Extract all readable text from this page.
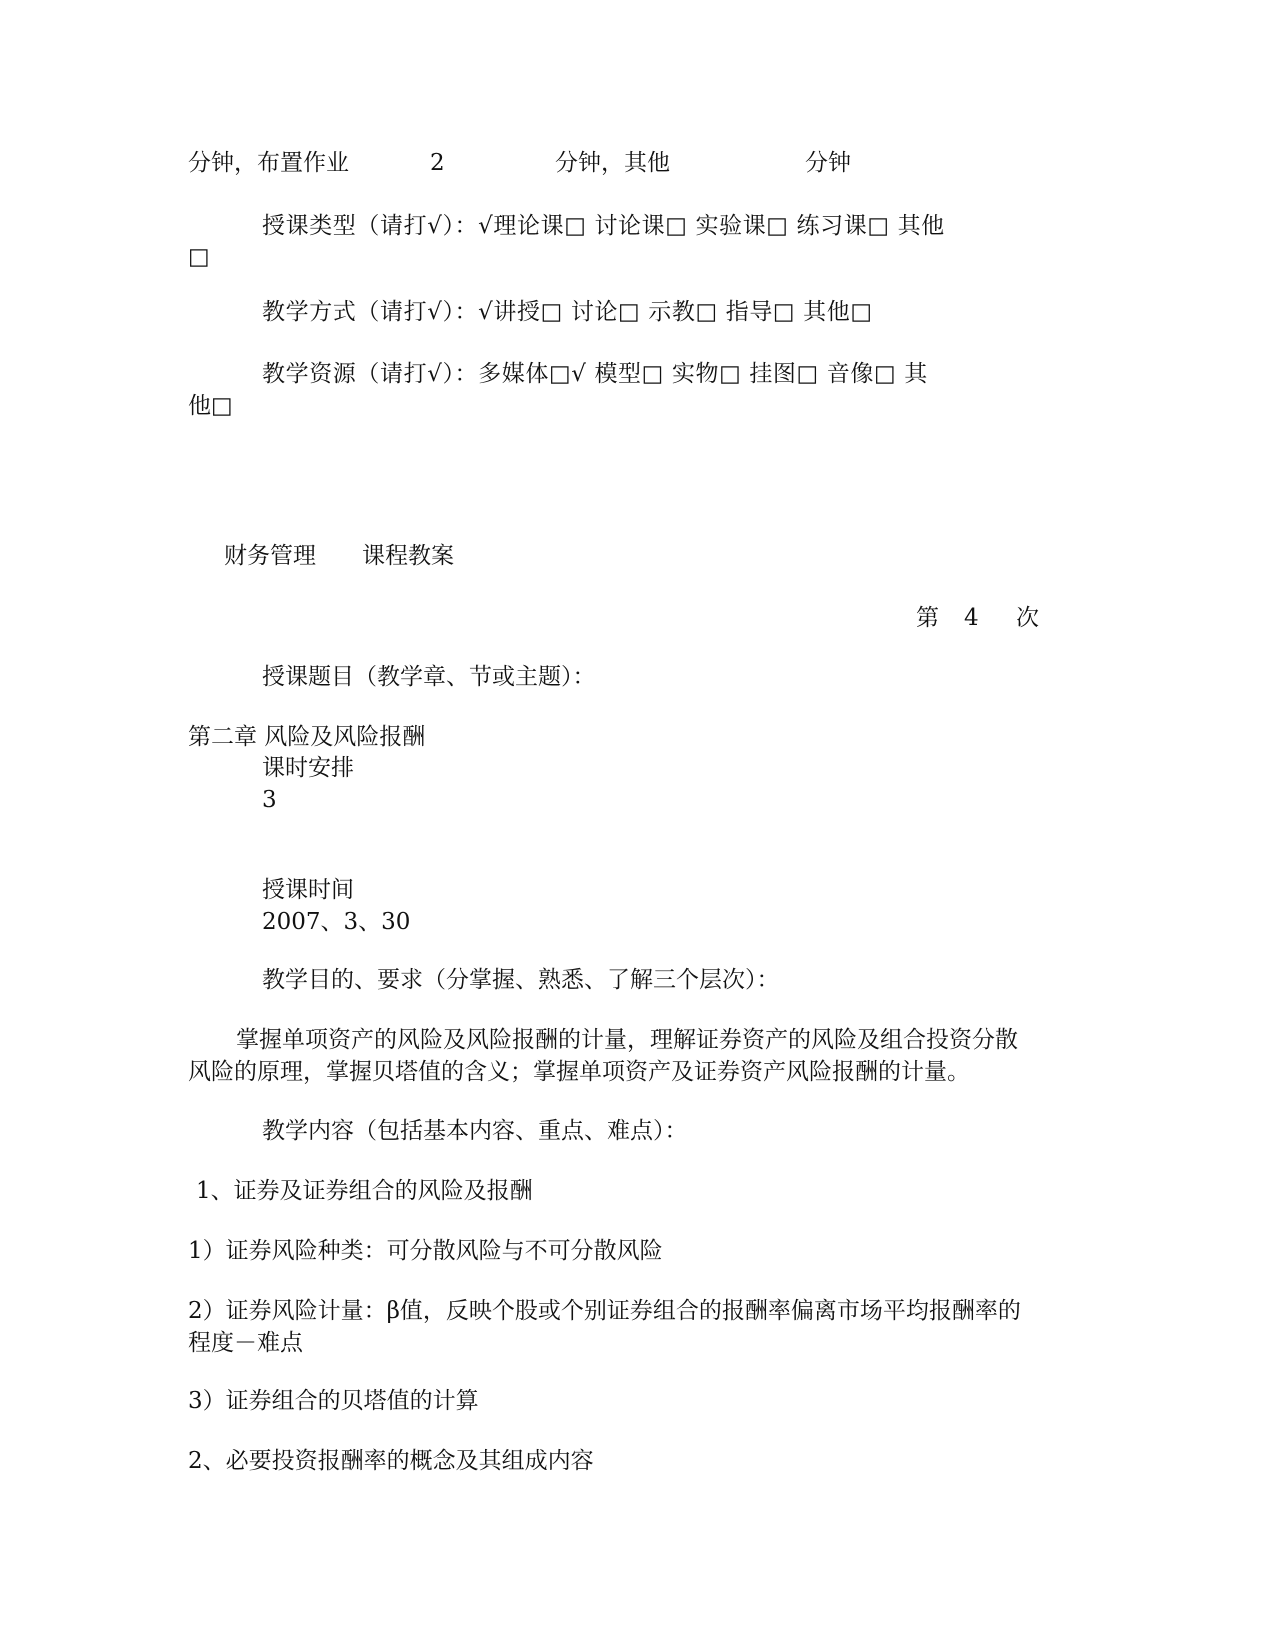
分钟，布置作业	2	分钟，其他	分钟
授课类型（请打√）：√理论课□ 讨论课□ 实验课□ 练习课□ 其他
□
教学方式（请打√）：√讲授□ 讨论□ 示教□ 指导□ 其他□
教学资源（请打√）：多媒体□√ 模型□ 实物□ 挂图□ 音像□ 其
他□
财务管理 课程教案
第 4 次
授课题目（教学章、节或主题）：
第二章 风险及风险报酬
课时安排
3
授课时间
2007、3、30
教学目的、要求（分掌握、熟悉、了解三个层次）：
掌握单项资产的风险及风险报酬的计量，理解证券资产的风险及组合投资分散
风险的原理，掌握贝塔值的含义；掌握单项资产及证券资产风险报酬的计量。
教学内容（包括基本内容、重点、难点）：
1、证券及证券组合的风险及报酬
1）证券风险种类：可分散风险与不可分散风险
2）证券风险计量：β值，反映个股或个别证券组合的报酬率偏离市场平均报酬率的
程度－难点
3）证券组合的贝塔值的计算
2、必要投资报酬率的概念及其组成内容
